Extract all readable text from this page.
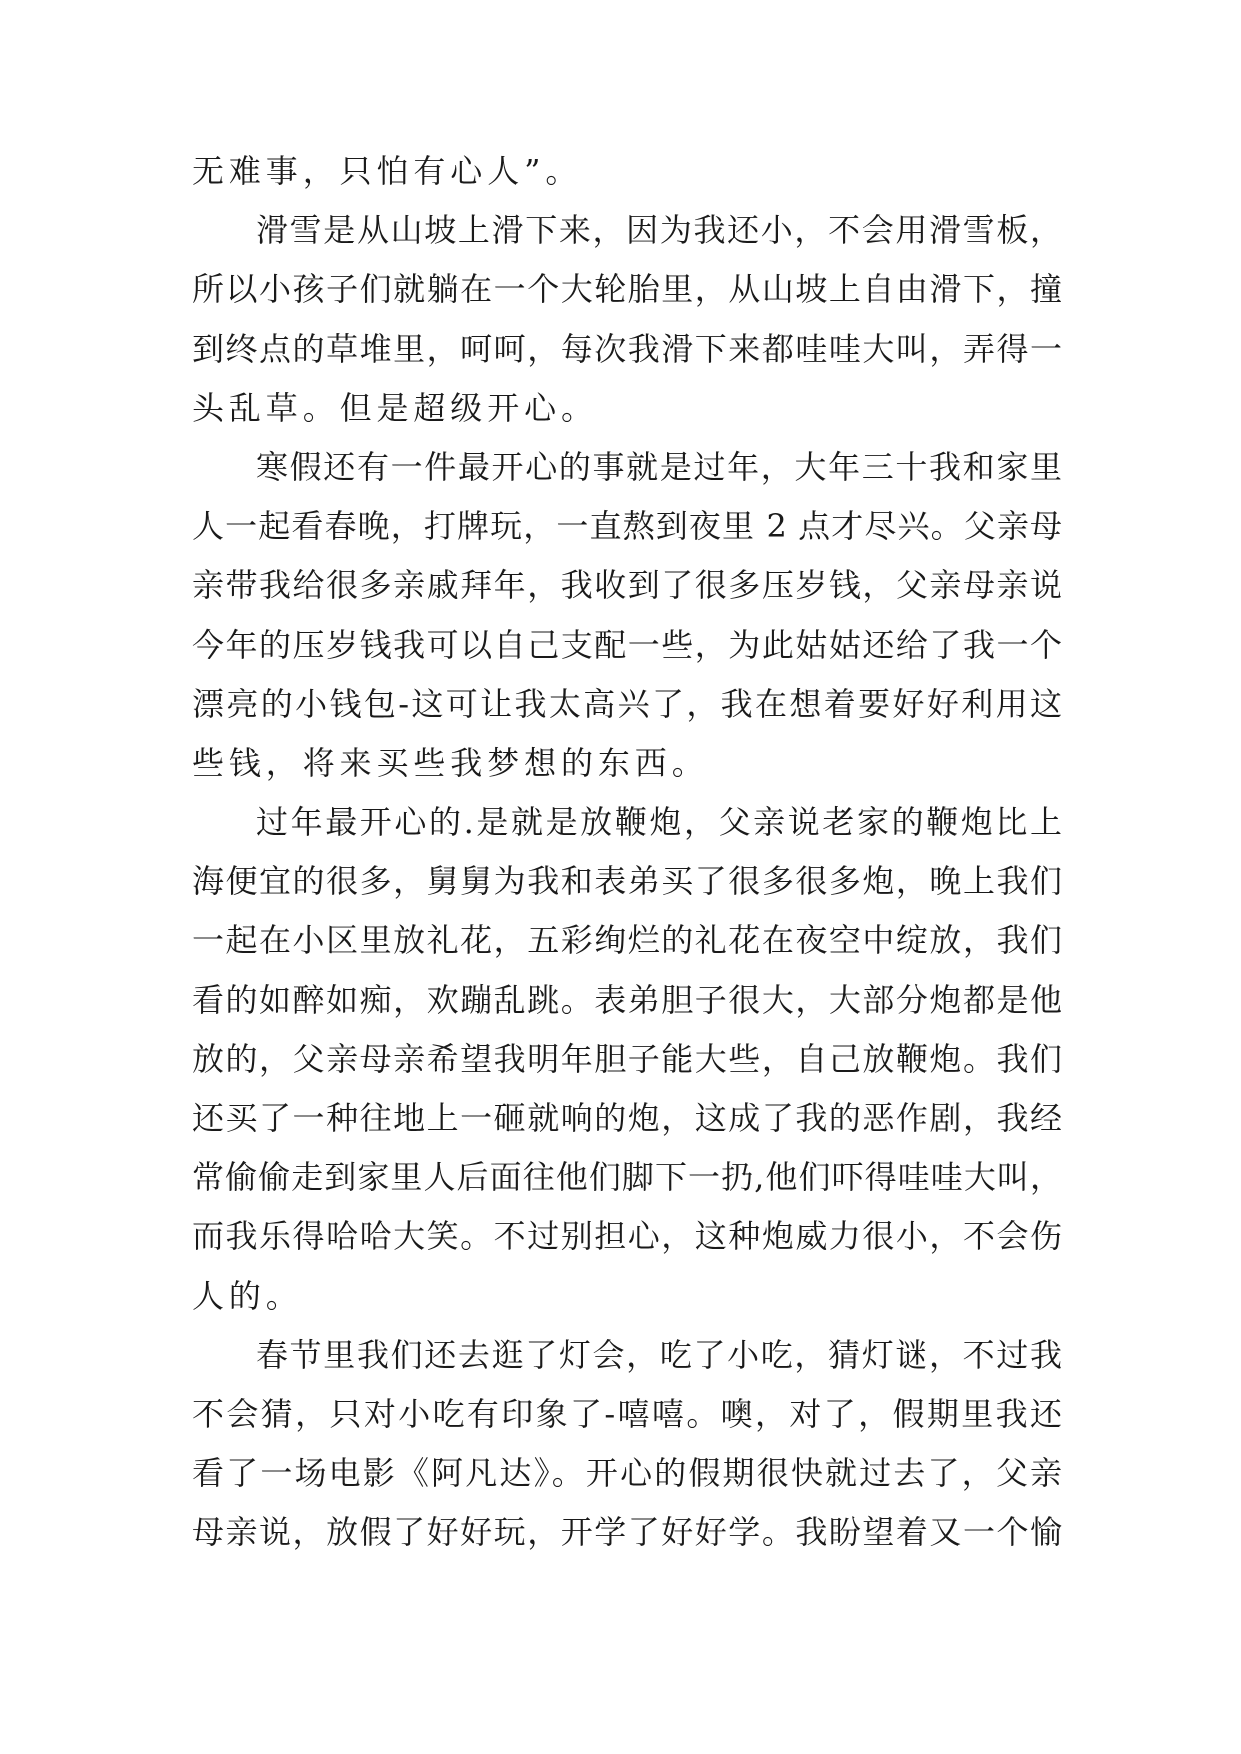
无难事，只怕有心人”。
滑雪是从山坡上滑下来，因为我还小，不会用滑雪板，
所以小孩子们就躺在一个大轮胎里，从山坡上自由滑下，撞
到终点的草堆里，呵呵，每次我滑下来都哇哇大叫，弄得一
头乱草。但是超级开心。
寒假还有一件最开心的事就是过年，大年三十我和家里
人一起看春晚，打牌玩，一直熬到夜里 2 点才尽兴。父亲母
亲带我给很多亲戚拜年，我收到了很多压岁钱，父亲母亲说
今年的压岁钱我可以自己支配一些，为此姑姑还给了我一个
漂亮的小钱包-这可让我太高兴了，我在想着要好好利用这
些钱，将来买些我梦想的东西。
过年最开心的.是就是放鞭炮，父亲说老家的鞭炮比上
海便宜的很多，舅舅为我和表弟买了很多很多炮，晚上我们
一起在小区里放礼花，五彩绚烂的礼花在夜空中绽放，我们
看的如醉如痴，欢蹦乱跳。表弟胆子很大，大部分炮都是他
放的，父亲母亲希望我明年胆子能大些，自己放鞭炮。我们
还买了一种往地上一砸就响的炮，这成了我的恶作剧，我经
常偷偷走到家里人后面往他们脚下一扔,他们吓得哇哇大叫，
而我乐得哈哈大笑。不过别担心，这种炮威力很小，不会伤
人的。
春节里我们还去逛了灯会，吃了小吃，猜灯谜，不过我
不会猜，只对小吃有印象了-嘻嘻。噢，对了，假期里我还
看了一场电影《阿凡达》。开心的假期很快就过去了，父亲
母亲说，放假了好好玩，开学了好好学。我盼望着又一个愉
